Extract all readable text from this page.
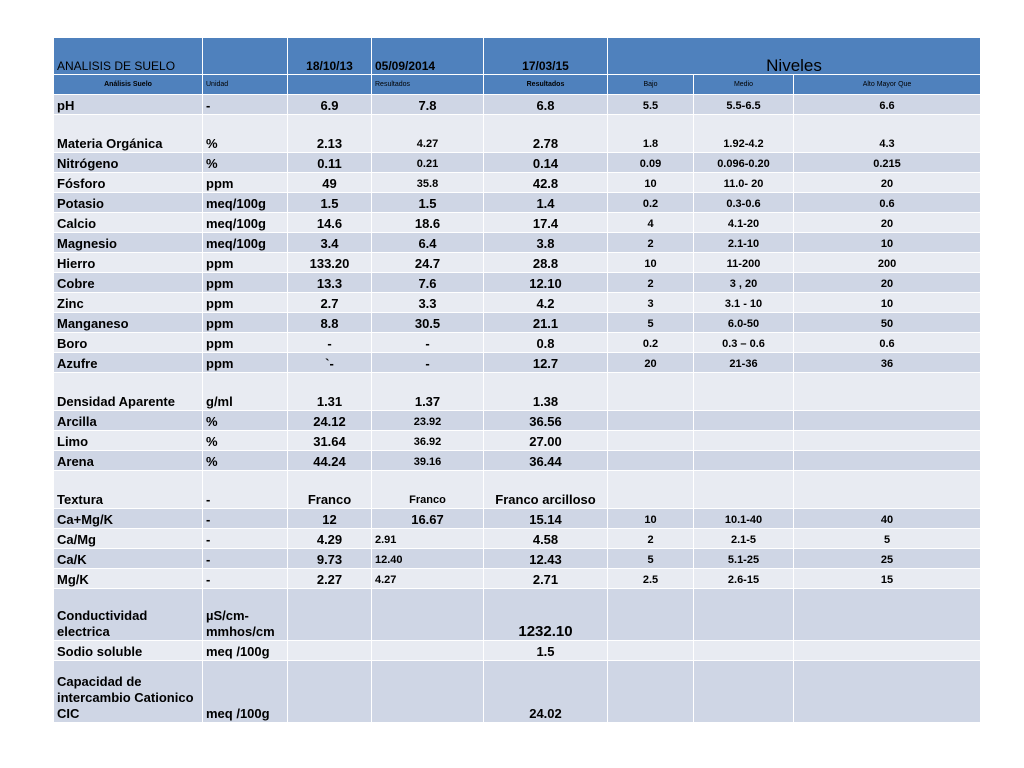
ANALISIS DE SUELO		18/10/13	05/09/2014	17/03/15	Niveles		
Análisis Suelo	Unidad		Resultados	Resultados	Bajo	Medio	Alto Mayor Que
pH	-	6.9	7.8	6.8	5.5	5.5-6.5	6.6
Materia Orgánica	%	2.13	4.27	2.78	1.8	1.92-4.2	4.3
Nitrógeno	%	0.11	0.21	0.14	0.09	0.096-0.20	0.215
Fósforo	ppm	49	35.8	42.8	10	11.0- 20	20
Potasio	meq/100g	1.5	1.5	1.4	0.2	0.3-0.6	0.6
Calcio	meq/100g	14.6	18.6	17.4	4	4.1-20	20
Magnesio	meq/100g	3.4	6.4	3.8	2	2.1-10	10
Hierro	ppm	133.20	24.7	28.8	10	11-200	200
Cobre	ppm	13.3	7.6	12.10	2	3 , 20	20
Zinc	ppm	2.7	3.3	4.2	3	3.1 - 10	10
Manganeso	ppm	8.8	30.5	21.1	5	6.0-50	50
Boro	ppm	-	-	0.8	0.2	0.3 – 0.6	0.6
Azufre	ppm	`-	-	12.7	20	21-36	36
Densidad Aparente	g/ml	1.31	1.37	1.38			
Arcilla	%	24.12	23.92	36.56			
Limo	%	31.64	36.92	27.00			
Arena	%	44.24	39.16	36.44			
Textura	-	Franco	Franco	Franco arcilloso			
Ca+Mg/K	-	12	16.67	15.14	10	10.1-40	40
Ca/Mg	-	4.29	2.91	4.58	2	2.1-5	5
Ca/K	-	9.73	12.40	12.43	5	5.1-25	25
Mg/K	-	2.27	4.27	2.71	2.5	2.6-15	15
Conductividad electrica	µS/cm- mmhos/cm			1232.10			
Sodio soluble	meq /100g			1.5			
Capacidad de intercambio Cationico CIC	meq /100g			24.02			
